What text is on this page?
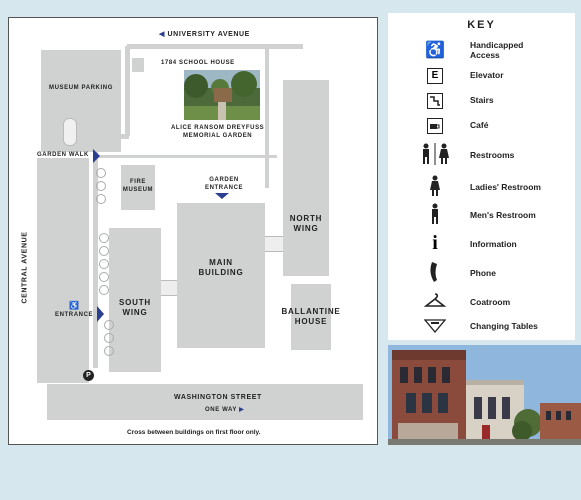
◀ UNIVERSITY AVENUE
MUSEUM PARKING
1784 SCHOOL HOUSE
ALICE RANSOM DREYFUSS
MEMORIAL GARDEN
GARDEN WALK
FIRE
MUSEUM
GARDEN
ENTRANCE
NORTH
WING
MAIN
BUILDING
SOUTH
WING	BALLANTINE
HOUSE
CENTRAL AVENUE
♿
ENTRANCE
P
WASHINGTON STREET
ONE WAY ▶
Cross between buildings on first floor only.
KEY
♿	Handicapped Access
E	Elevator
Stairs
Café
Restrooms
Ladies' Restroom
Men's Restroom
i	Information
Phone
Coatroom
Changing Tables
